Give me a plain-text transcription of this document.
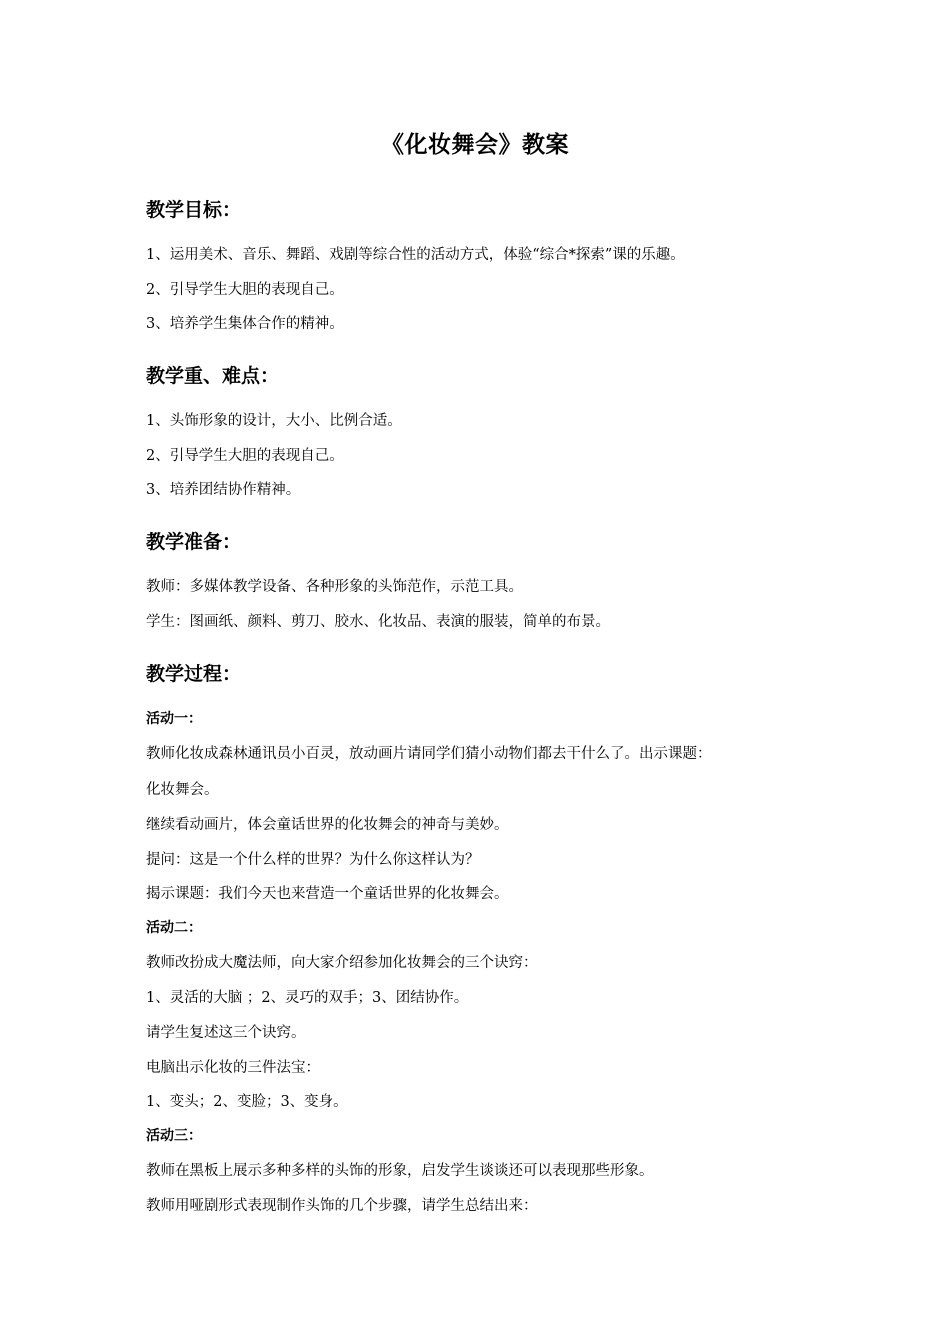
《化妆舞会》教案
教学目标：

1、运用美术、音乐、舞蹈、戏剧等综合性的活动方式，体验“综合*探索”课的乐趣。

2、引导学生大胆的表现自己。

3、培养学生集体合作的精神。

教学重、难点：

1、头饰形象的设计，大小、比例合适。

2、引导学生大胆的表现自己。

3、培养团结协作精神。

教学准备：

教师：多媒体教学设备、各种形象的头饰范作，示范工具。

学生：图画纸、颜料、剪刀、胶水、化妆品、表演的服装，简单的布景。

教学过程：

活动一：

教师化妆成森林通讯员小百灵，放动画片请同学们猜小动物们都去干什么了。出示课题：

化妆舞会。

继续看动画片，体会童话世界的化妆舞会的神奇与美妙。

提问：这是一个什么样的世界？为什么你这样认为？

揭示课题：我们今天也来营造一个童话世界的化妆舞会。

活动二：

教师改扮成大魔法师，向大家介绍参加化妆舞会的三个诀窍：

1、灵活的大脑 ；2、灵巧的双手；3、团结协作。

请学生复述这三个诀窍。

电脑出示化妆的三件法宝：

1、变头；2、变脸；3、变身。

活动三：

教师在黑板上展示多种多样的头饰的形象，启发学生谈谈还可以表现那些形象。

教师用哑剧形式表现制作头饰的几个步骤，请学生总结出来：
